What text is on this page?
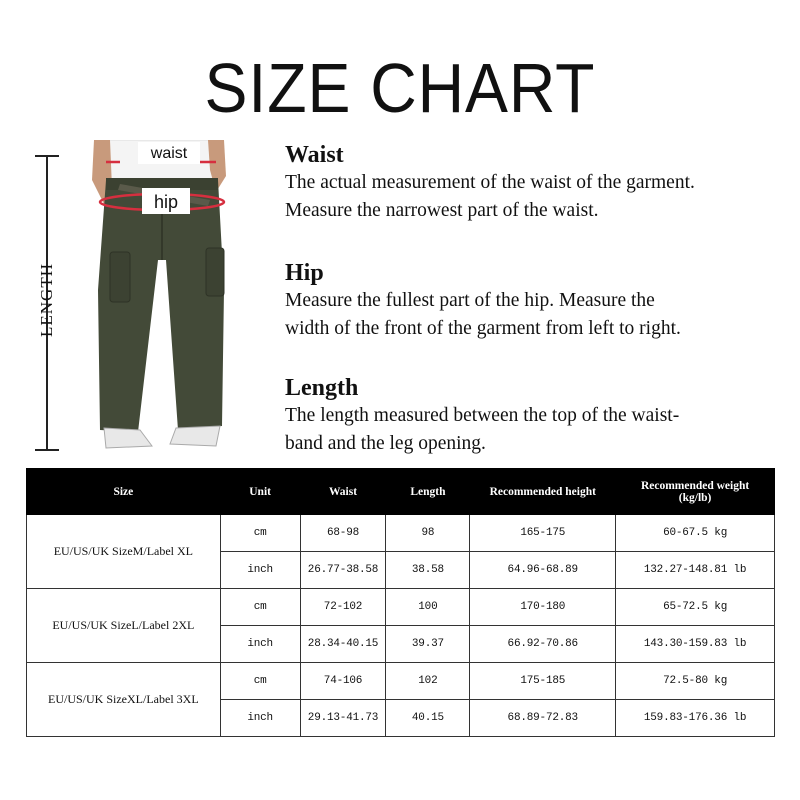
SIZE CHART
LENGTH
waist
hip
Waist

The actual measurement of the waist of the garment.

Measure the narrowest part of the waist.

Hip

Measure the fullest part of the hip. Measure the

width of the front of the garment from left to right.

Length

The length measured between the top of the waist-

band and the leg opening.

Size	Unit	Waist	Length	Recommended height	Recommended weight
(kg/lb)

EU/US/UK SizeM/Label XL	cm	68-98	98	165-175	60-67.5 kg
	inch	26.77-38.58	38.58	64.96-68.89	132.27-148.81 lb
EU/US/UK SizeL/Label 2XL	cm	72-102	100	170-180	65-72.5 kg
	inch	28.34-40.15	39.37	66.92-70.86	143.30-159.83 lb
EU/US/UK SizeXL/Label 3XL	cm	74-106	102	175-185	72.5-80 kg
	inch	29.13-41.73	40.15	68.89-72.83	159.83-176.36 lb
